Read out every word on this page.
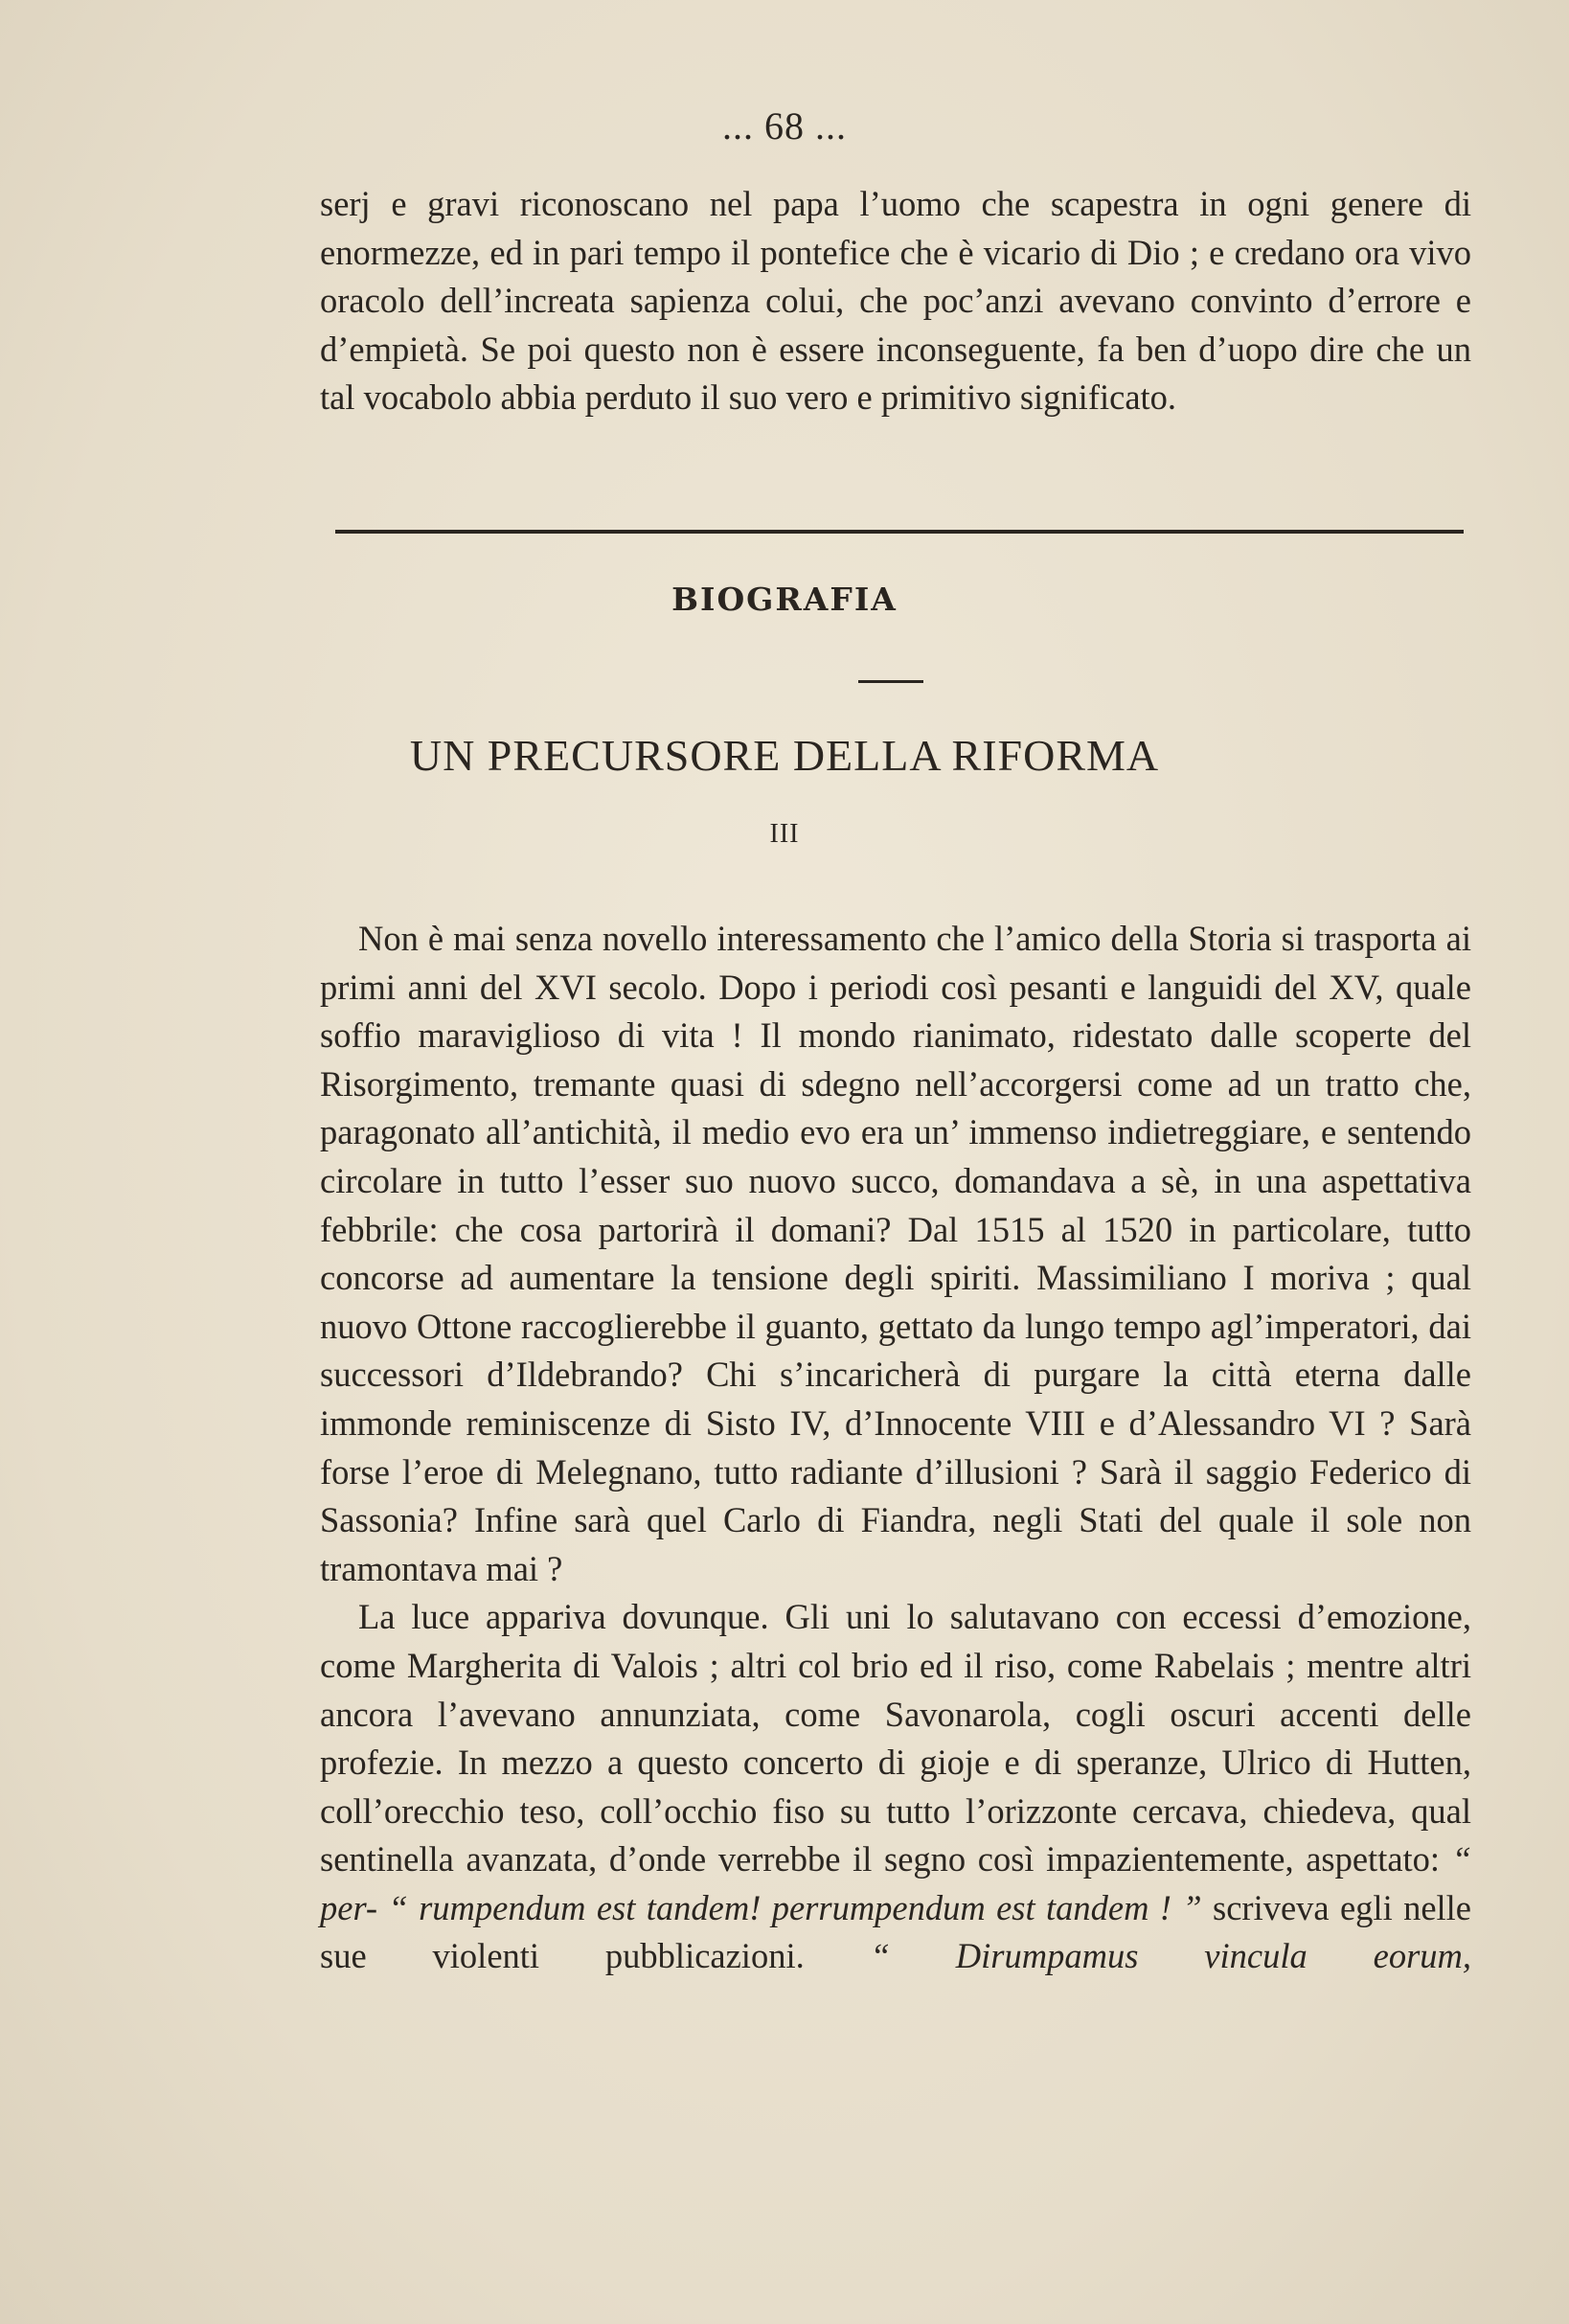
... 68 ...

serj e gravi riconoscano nel papa l’uomo che scapestra in ogni genere di enormezze, ed in pari tempo il pontefice che è vicario di Dio ; e credano ora vivo oracolo dell’increata sapienza colui, che poc’anzi avevano convinto d’errore e d’empietà. Se poi questo non è essere inconseguente, fa ben d’uopo dire che un tal vocabolo abbia perduto il suo vero e primitivo significato.

BIOGRAFIA
UN PRECURSORE DELLA RIFORMA
III

Non è mai senza novello interessamento che l’amico della Storia si trasporta ai primi anni del XVI secolo. Dopo i periodi così pesanti e languidi del XV, quale soffio maraviglioso di vita ! Il mondo rianimato, ridestato dalle scoperte del Risorgimento, tremante quasi di sdegno nell’accorgersi come ad un tratto che, paragonato all’antichità, il medio evo era un’ immenso indietreggiare, e sentendo circolare in tutto l’esser suo nuovo succo, domandava a sè, in una aspettativa febbrile: che cosa partorirà il domani? Dal 1515 al 1520 in particolare, tutto concorse ad aumentare la tensione degli spiriti. Massimiliano I moriva ; qual nuovo Ottone raccoglierebbe il guanto, gettato da lungo tempo agl’imperatori, dai successori d’Ildebrando? Chi s’incaricherà di purgare la città eterna dalle immonde reminiscenze di Sisto IV, d’Innocente VIII e d’Alessandro VI ? Sarà forse l’eroe di Melegnano, tutto radiante d’illusioni ? Sarà il saggio Federico di Sassonia? Infine sarà quel Carlo di Fiandra, negli Stati del quale il sole non tramontava mai ?

La luce appariva dovunque. Gli uni lo salutavano con eccessi d’emozione, come Margherita di Valois ; altri col brio ed il riso, come Rabelais ; mentre altri ancora l’avevano annunziata, come Savonarola, cogli oscuri accenti delle profezie. In mezzo a questo concerto di gioje e di speranze, Ulrico di Hutten, coll’orecchio teso, coll’occhio fiso su tutto l’orizzonte cercava, chiedeva, qual sentinella avanzata, d’onde verrebbe il segno così impazientemente, aspettato: “ per- “ rumpendum est tandem! perrumpendum est tandem ! ” scriveva egli nelle sue violenti pubblicazioni. “ Dirumpamus vincula eorum,
